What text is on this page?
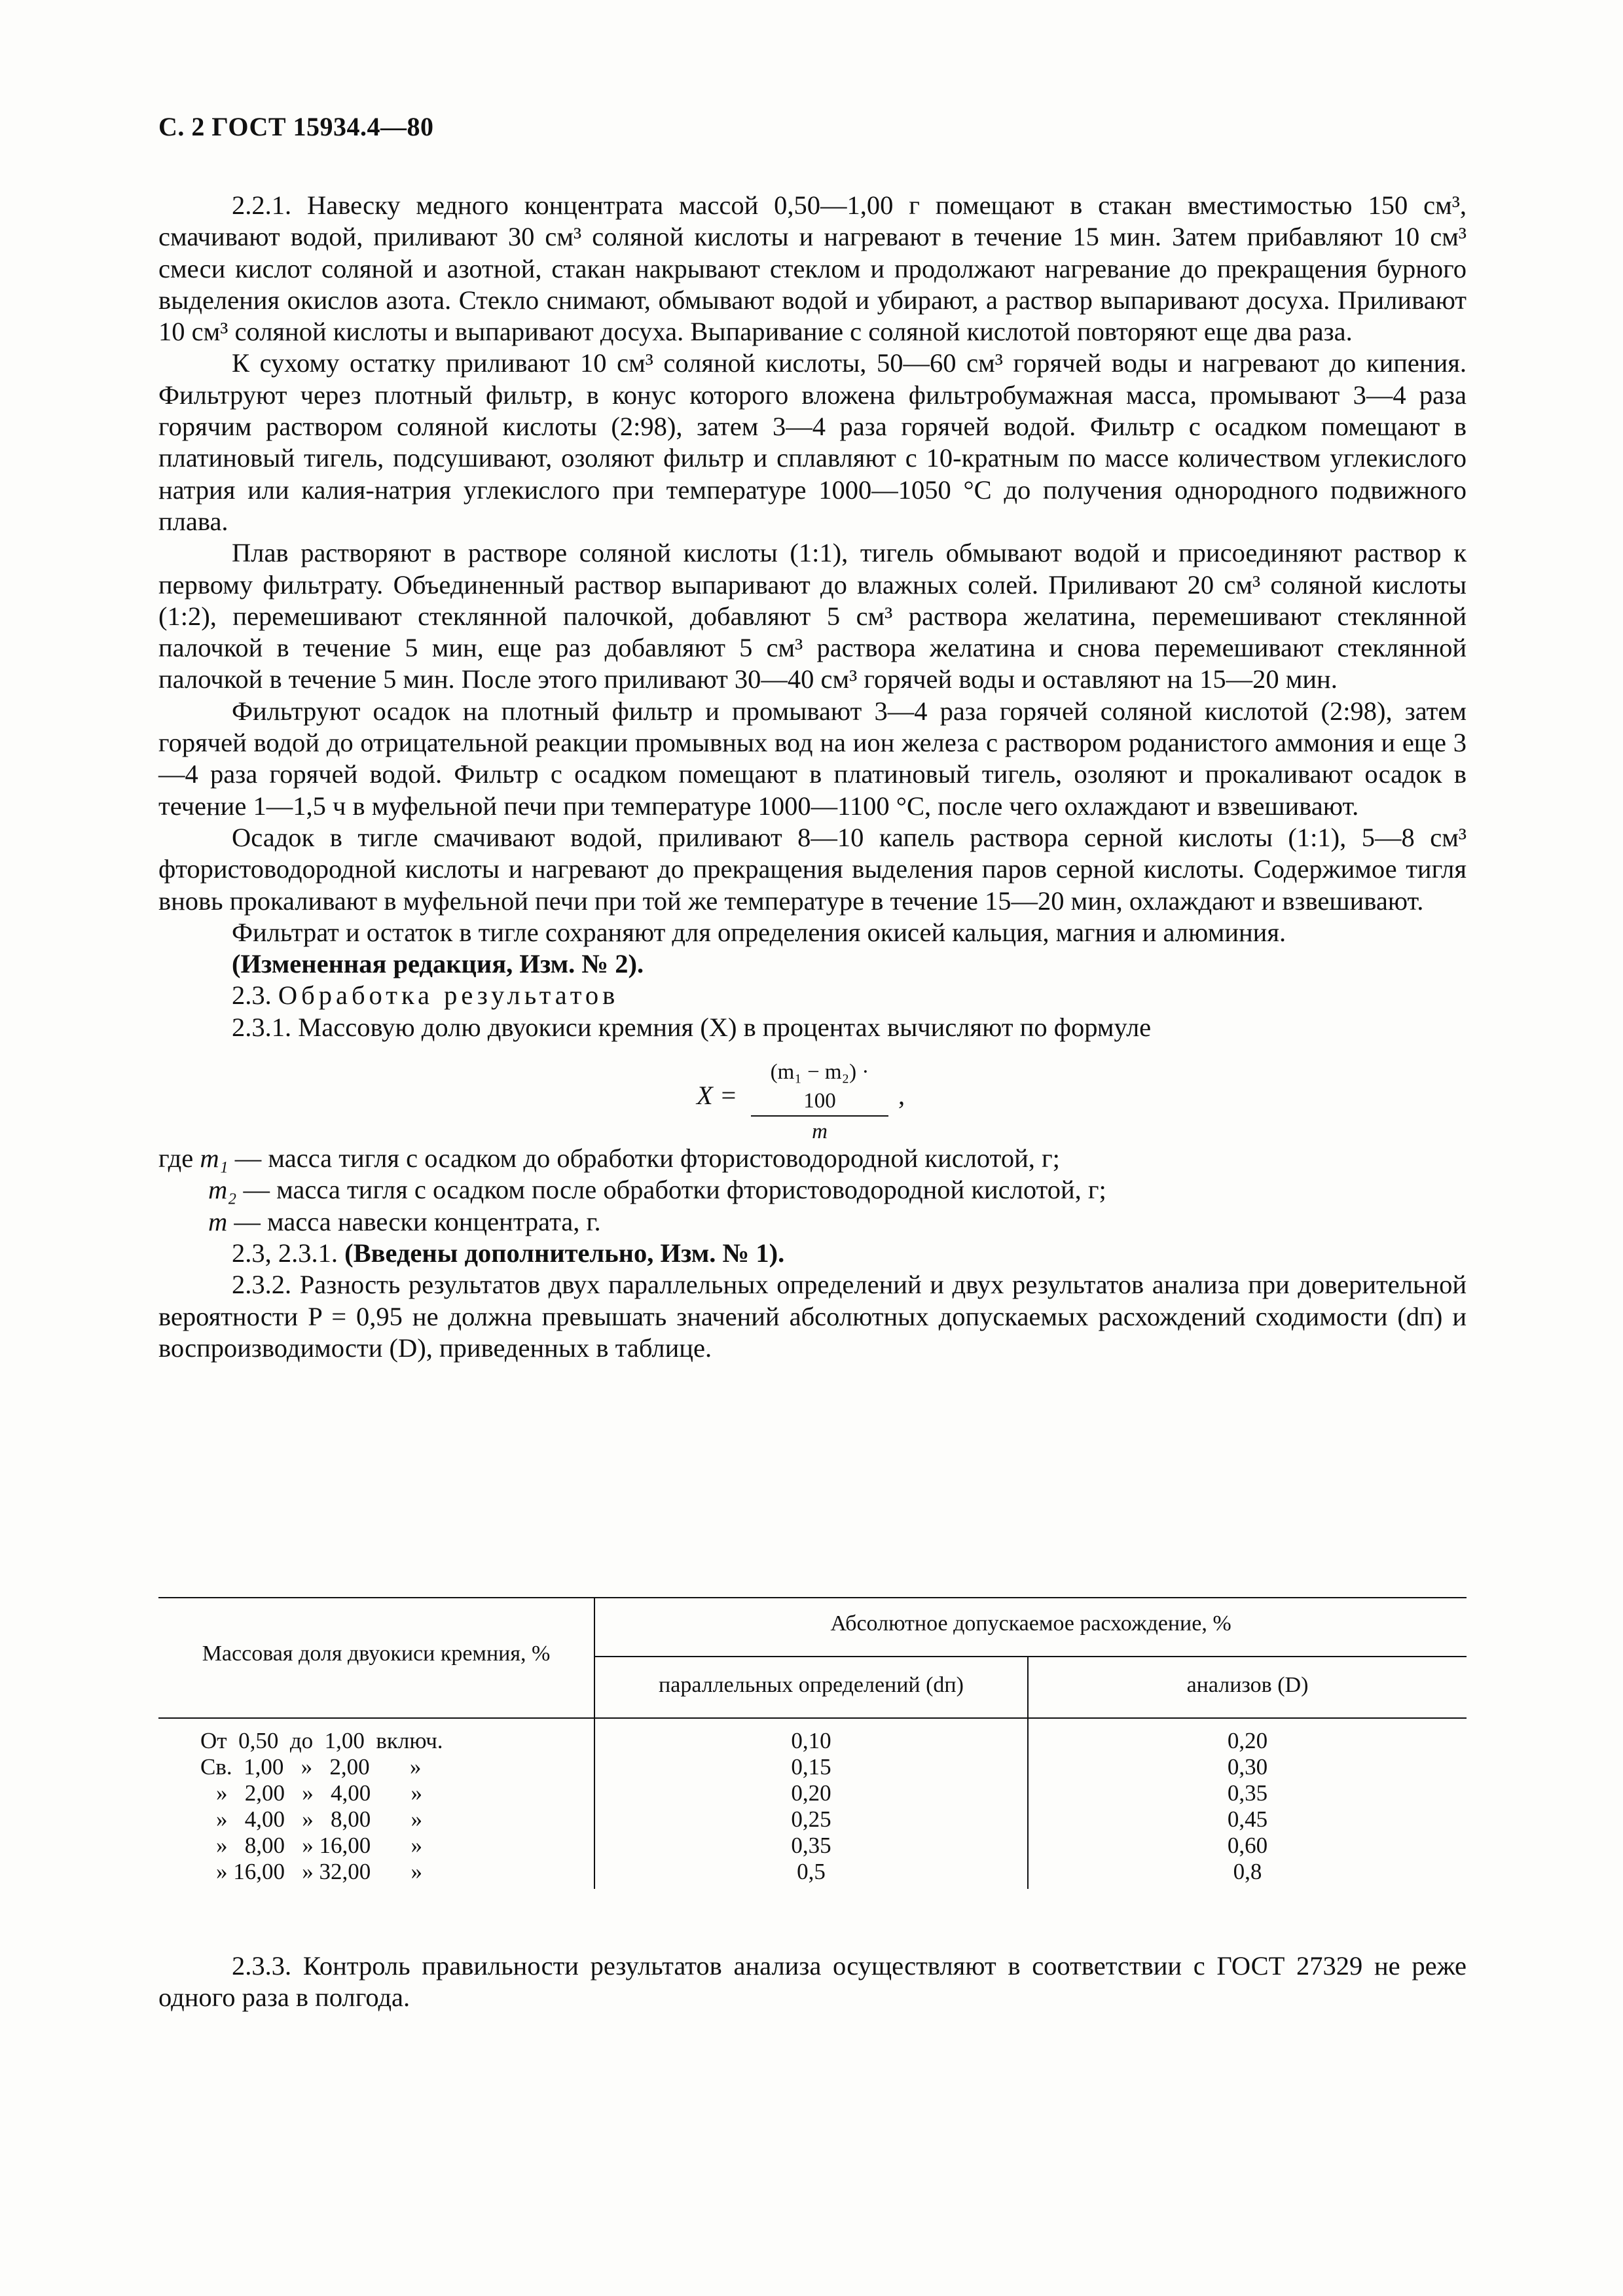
С. 2 ГОСТ 15934.4—80

2.2.1. Навеску медного концентрата массой 0,50—1,00 г помещают в стакан вместимостью 150 см³, смачивают водой, приливают 30 см³ соляной кислоты и нагревают в течение 15 мин. Затем прибавляют 10 см³ смеси кислот соляной и азотной, стакан накрывают стеклом и продолжают нагревание до прекращения бурного выделения окислов азота. Стекло снимают, обмывают водой и убирают, а раствор выпаривают досуха. Приливают 10 см³ соляной кислоты и выпаривают досуха. Выпаривание с соляной кислотой повторяют еще два раза.

К сухому остатку приливают 10 см³ соляной кислоты, 50—60 см³ горячей воды и нагревают до кипения. Фильтруют через плотный фильтр, в конус которого вложена фильтробумажная масса, промывают 3—4 раза горячим раствором соляной кислоты (2:98), затем 3—4 раза горячей водой. Фильтр с осадком помещают в платиновый тигель, подсушивают, озоляют фильтр и сплавляют с 10-кратным по массе количеством углекислого натрия или калия-натрия углекислого при температуре 1000—1050 °С до получения однородного подвижного плава.

Плав растворяют в растворе соляной кислоты (1:1), тигель обмывают водой и присоединяют раствор к первому фильтрату. Объединенный раствор выпаривают до влажных солей. Приливают 20 см³ соляной кислоты (1:2), перемешивают стеклянной палочкой, добавляют 5 см³ раствора желатина, перемешивают стеклянной палочкой в течение 5 мин, еще раз добавляют 5 см³ раствора желатина и снова перемешивают стеклянной палочкой в течение 5 мин. После этого приливают 30—40 см³ горячей воды и оставляют на 15—20 мин.

Фильтруют осадок на плотный фильтр и промывают 3—4 раза горячей соляной кислотой (2:98), затем горячей водой до отрицательной реакции промывных вод на ион железа с раствором роданистого аммония и еще 3—4 раза горячей водой. Фильтр с осадком помещают в платиновый тигель, озоляют и прокаливают осадок в течение 1—1,5 ч в муфельной печи при температуре 1000—1100 °С, после чего охлаждают и взвешивают.

Осадок в тигле смачивают водой, приливают 8—10 капель раствора серной кислоты (1:1), 5—8 см³ фтористоводородной кислоты и нагревают до прекращения выделения паров серной кислоты. Содержимое тигля вновь прокаливают в муфельной печи при той же температуре в течение 15—20 мин, охлаждают и взвешивают.

Фильтрат и остаток в тигле сохраняют для определения окисей кальция, магния и алюминия.

(Измененная редакция, Изм. № 2).

2.3. Обработка результатов

2.3.1. Массовую долю двуокиси кремния (X) в процентах вычисляют по формуле

$X = \frac{\text{(m₁ − m₂) · 100}}{m}$ ,

где m₁ — масса тигля с осадком до обработки фтористоводородной кислотой, г;

m₂ — масса тигля с осадком после обработки фтористоводородной кислотой, г;

m — масса навески концентрата, г.

2.3, 2.3.1. (Введены дополнительно, Изм. № 1).

2.3.2. Разность результатов двух параллельных определений и двух результатов анализа при доверительной вероятности P = 0,95 не должна превышать значений абсолютных допускаемых расхождений сходимости (dп) и воспроизводимости (D), приведенных в таблице.

Массовая доля двуокиси кремния, %
Абсолютное допускаемое расхождение, %
параллельных определений (dп)	анализов (D)
От  0,50  до  1,00  включ.	0,10	0,20
Св.  1,00   »   2,00       »	0,15	0,30
»   2,00   »   4,00       »	0,20	0,35
»   4,00   »   8,00       »	0,25	0,45
»   8,00   » 16,00       »	0,35	0,60
» 16,00   » 32,00       »	0,5	0,8

2.3.3. Контроль правильности результатов анализа осуществляют в соответствии с ГОСТ 27329 не реже одного раза в полгода.
